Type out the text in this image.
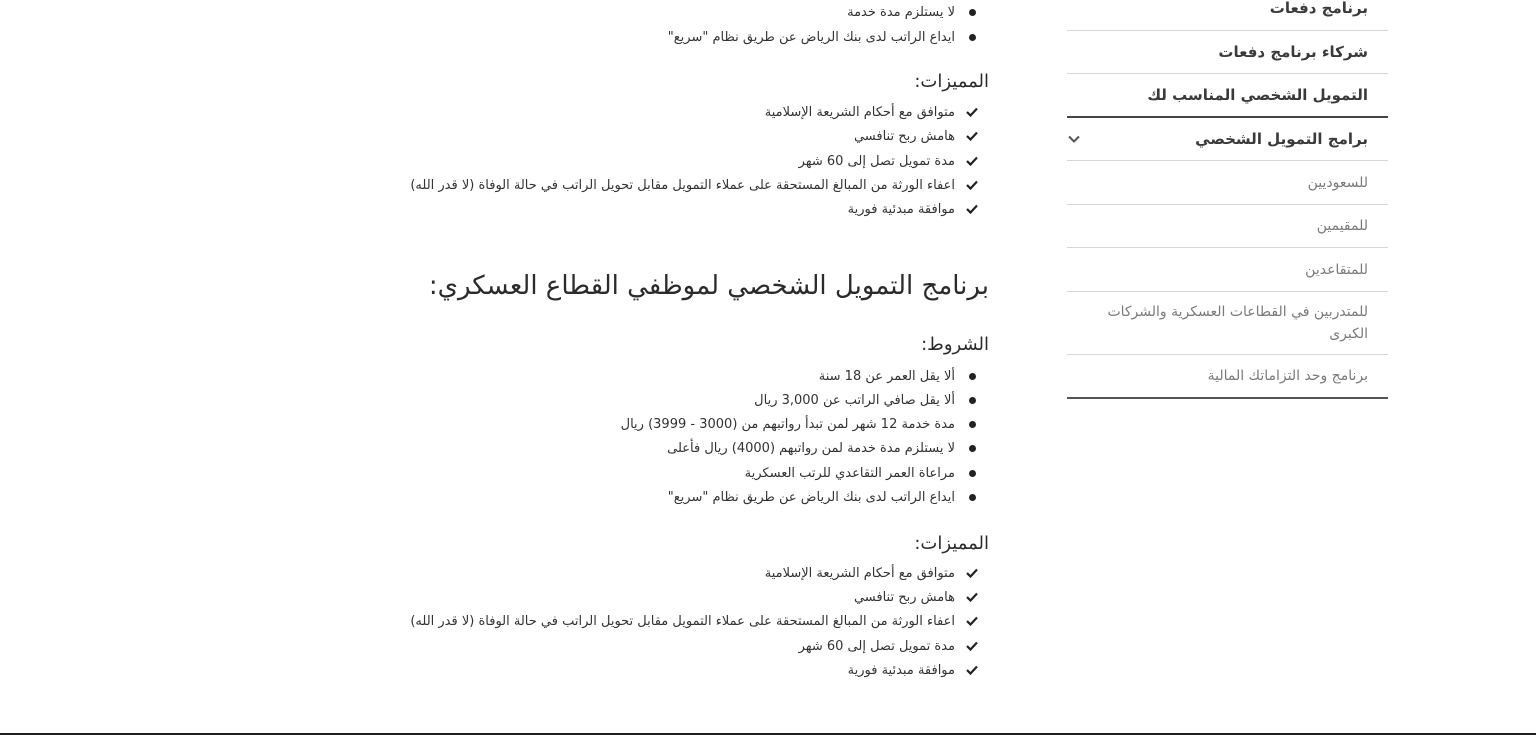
برنامج دفعات
شركاء برنامج دفعات
التمويل الشخصي المناسب لك
برامج التمويل الشخصي
للسعوديين
للمقيمين
للمتقاعدين
للمتدربين في القطاعات العسكرية والشركات الكبرى
برنامج وحد التزاماتك المالية
لا يستلزم مدة خدمة
ايداع الراتب لدى بنك الرياض عن طريق نظام "سريع"
المميزات:
متوافق مع أحكام الشريعة الإسلامية
هامش ربح تنافسي
مدة تمويل تصل إلى 60 شهر
اعفاء الورثة من المبالغ المستحقة على عملاء التمويل مقابل تحويل الراتب في حالة الوفاة (لا قدر الله)
موافقة مبدئية فورية
برنامج التمويل الشخصي لموظفي القطاع العسكري:
الشروط:
ألا يقل العمر عن 18 سنة
ألا يقل صافي الراتب عن 3,000 ريال
مدة خدمة 12 شهر لمن تبدأ رواتبهم من (3000 - 3999) ريال
لا يستلزم مدة خدمة لمن رواتبهم (4000) ريال فأعلى
مراعاة العمر التقاعدي للرتب العسكرية
ايداع الراتب لدى بنك الرياض عن طريق نظام "سريع"
المميزات:
متوافق مع أحكام الشريعة الإسلامية
هامش ربح تنافسي
اعفاء الورثة من المبالغ المستحقة على عملاء التمويل مقابل تحويل الراتب في حالة الوفاة (لا قدر الله)
مدة تمويل تصل إلى 60 شهر
موافقة مبدئية فورية
